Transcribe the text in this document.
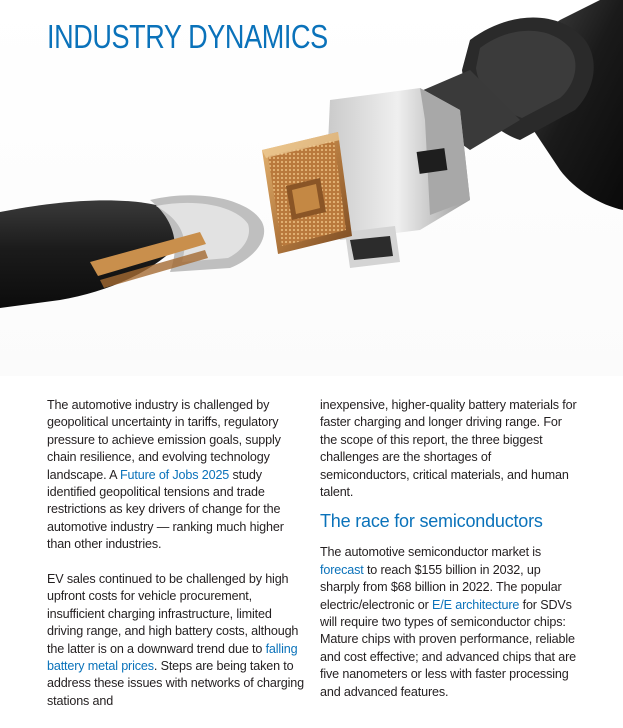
INDUSTRY DYNAMICS

The automotive industry is challenged by geopolitical uncertainty in tariffs, regulatory pressure to achieve emission goals, supply chain resilience, and evolving technology landscape. A Future of Jobs 2025 study identified geopolitical tensions and trade restrictions as key drivers of change for the automotive industry — ranking much higher than other industries.

EV sales continued to be challenged by high upfront costs for vehicle procurement, insufficient charging infrastructure, limited driving range, and high battery costs, although the latter is on a downward trend due to falling battery metal prices. Steps are being taken to address these issues with networks of charging stations and

inexpensive, higher-quality battery materials for faster charging and longer driving range. For the scope of this report, the three biggest challenges are the shortages of semiconductors, critical materials, and human talent.

The race for semiconductors

The automotive semiconductor market is forecast to reach $155 billion in 2032, up sharply from $68 billion in 2022. The popular electric/electronic or E/E architecture for SDVs will require two types of semiconductor chips: Mature chips with proven performance, reliable and cost effective; and advanced chips that are five nanometers or less with faster processing and advanced features.
